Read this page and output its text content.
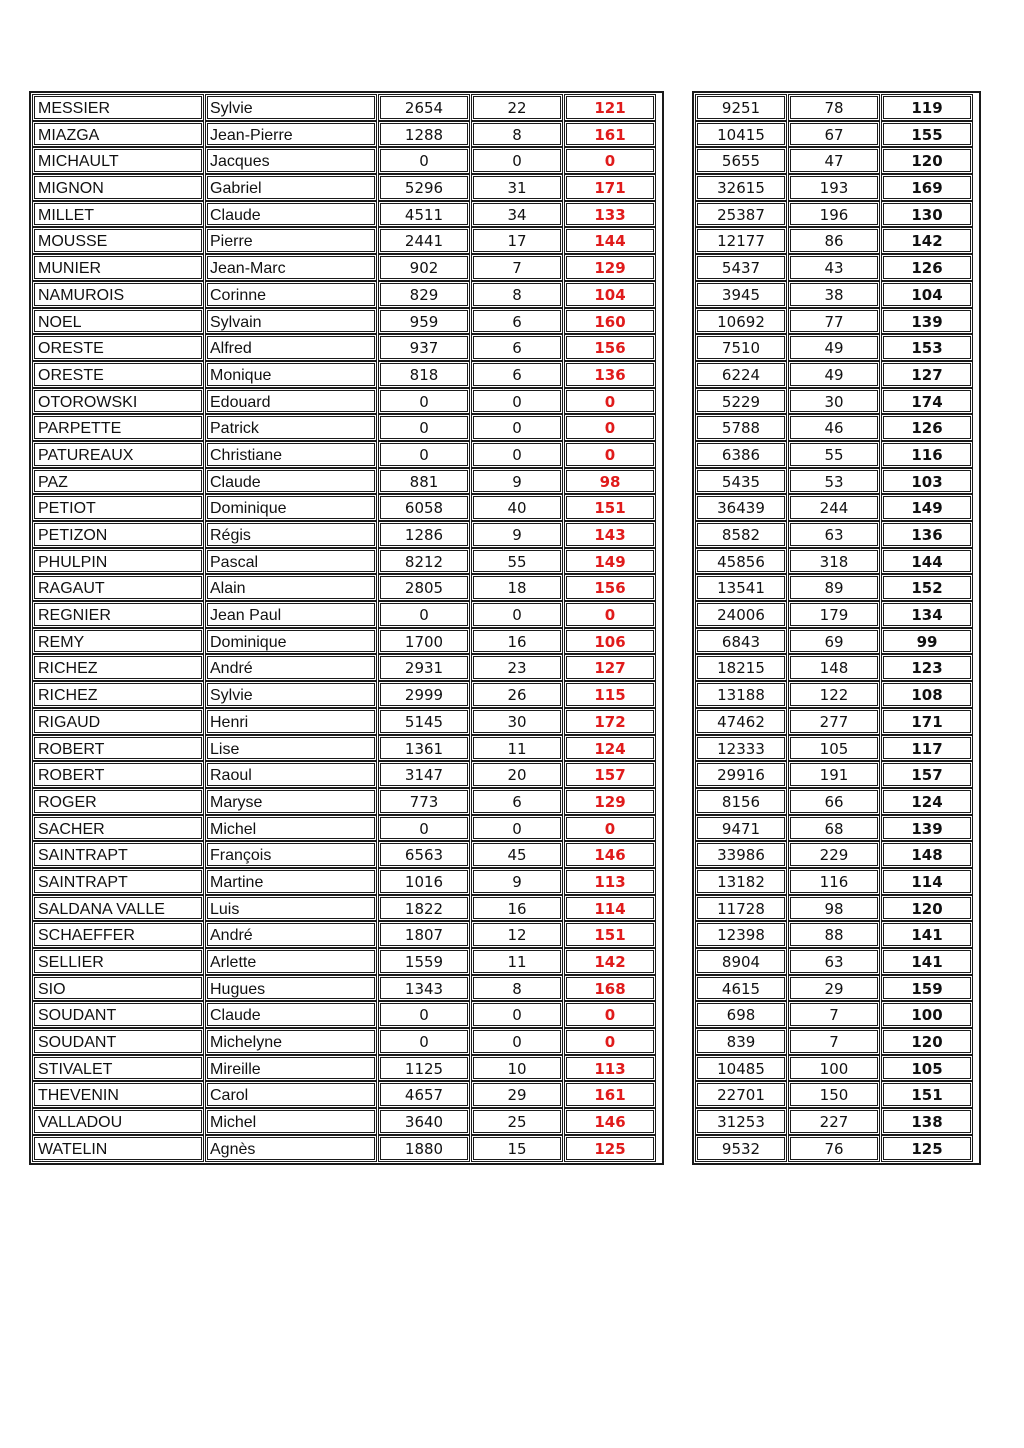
MESSIER	Sylvie	2654	22	121
MIAZGA	Jean-Pierre	1288	8	161
MICHAULT	Jacques	0	0	0
MIGNON	Gabriel	5296	31	171
MILLET	Claude	4511	34	133
MOUSSE	Pierre	2441	17	144
MUNIER	Jean-Marc	902	7	129
NAMUROIS	Corinne	829	8	104
NOEL	Sylvain	959	6	160
ORESTE	Alfred	937	6	156
ORESTE	Monique	818	6	136
OTOROWSKI	Edouard	0	0	0
PARPETTE	Patrick	0	0	0
PATUREAUX	Christiane	0	0	0
PAZ	Claude	881	9	98
PETIOT	Dominique	6058	40	151
PETIZON	Régis	1286	9	143
PHULPIN	Pascal	8212	55	149
RAGAUT	Alain	2805	18	156
REGNIER	Jean Paul	0	0	0
REMY	Dominique	1700	16	106
RICHEZ	André	2931	23	127
RICHEZ	Sylvie	2999	26	115
RIGAUD	Henri	5145	30	172
ROBERT	Lise	1361	11	124
ROBERT	Raoul	3147	20	157
ROGER	Maryse	773	6	129
SACHER	Michel	0	0	0
SAINTRAPT	François	6563	45	146
SAINTRAPT	Martine	1016	9	113
SALDANA VALLE	Luis	1822	16	114
SCHAEFFER	André	1807	12	151
SELLIER	Arlette	1559	11	142
SIO	Hugues	1343	8	168
SOUDANT	Claude	0	0	0
SOUDANT	Michelyne	0	0	0
STIVALET	Mireille	1125	10	113
THEVENIN	Carol	4657	29	161
VALLADOU	Michel	3640	25	146
WATELIN	Agnès	1880	15	125
9251	78	119
10415	67	155
5655	47	120
32615	193	169
25387	196	130
12177	86	142
5437	43	126
3945	38	104
10692	77	139
7510	49	153
6224	49	127
5229	30	174
5788	46	126
6386	55	116
5435	53	103
36439	244	149
8582	63	136
45856	318	144
13541	89	152
24006	179	134
6843	69	99
18215	148	123
13188	122	108
47462	277	171
12333	105	117
29916	191	157
8156	66	124
9471	68	139
33986	229	148
13182	116	114
11728	98	120
12398	88	141
8904	63	141
4615	29	159
698	7	100
839	7	120
10485	100	105
22701	150	151
31253	227	138
9532	76	125
